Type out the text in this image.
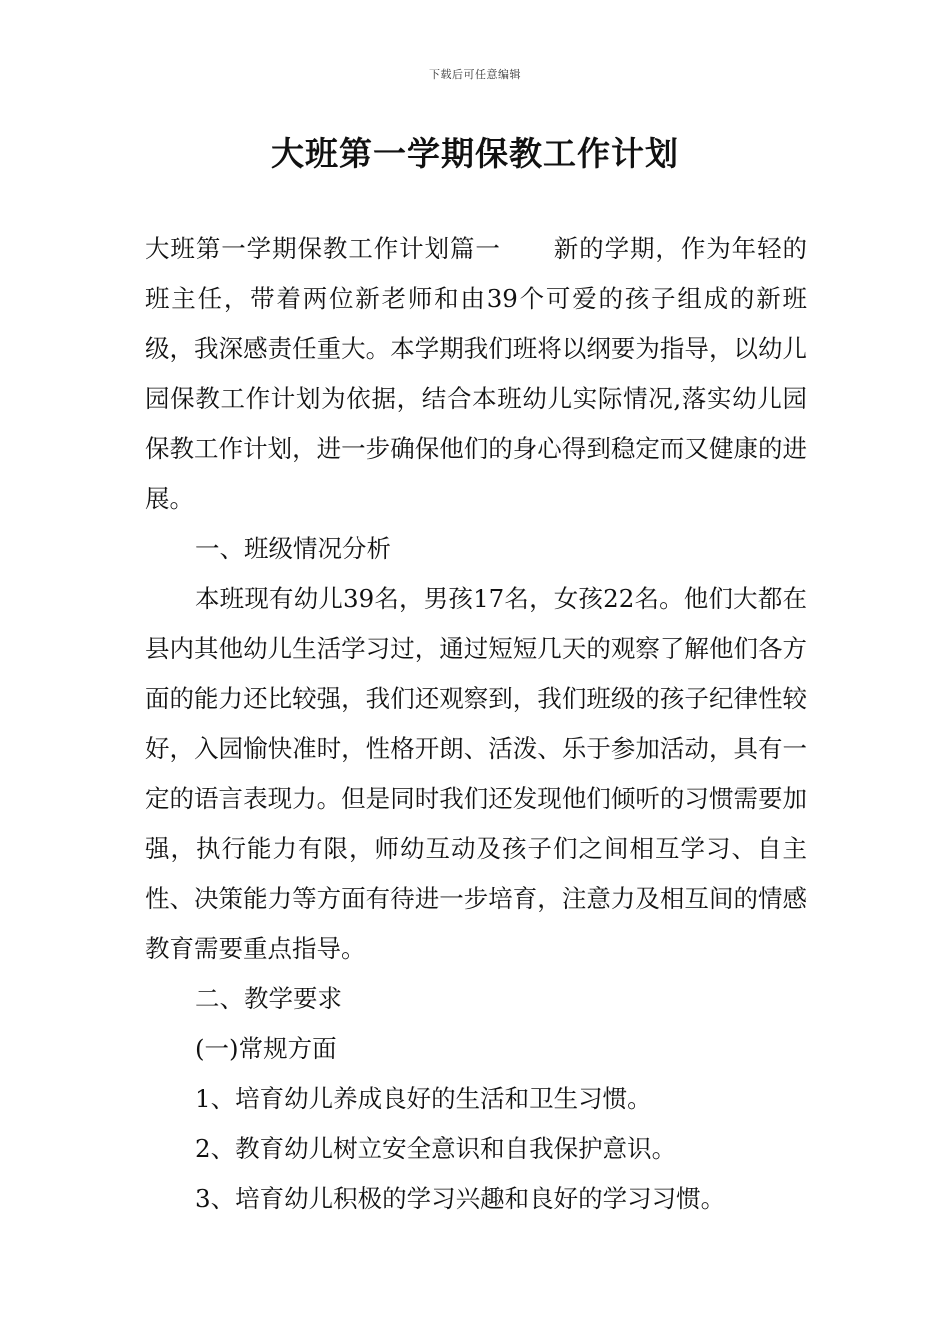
下载后可任意编辑
大班第一学期保教工作计划

大班第一学期保教工作计划篇一 新的学期，作为年轻的班主任，带着两位新老师和由39个可爱的孩子组成的新班级，我深感责任重大。本学期我们班将以纲要为指导，以幼儿园保教工作计划为依据，结合本班幼儿实际情况,落实幼儿园保教工作计划，进一步确保他们的身心得到稳定而又健康的进展。

一、班级情况分析

本班现有幼儿39名，男孩17名，女孩22名。他们大都在县内其他幼儿生活学习过，通过短短几天的观察了解他们各方面的能力还比较强，我们还观察到，我们班级的孩子纪律性较好，入园愉快准时，性格开朗、活泼、乐于参加活动，具有一定的语言表现力。但是同时我们还发现他们倾听的习惯需要加强，执行能力有限，师幼互动及孩子们之间相互学习、自主性、决策能力等方面有待进一步培育，注意力及相互间的情感教育需要重点指导。

二、教学要求

(一)常规方面

1、培育幼儿养成良好的生活和卫生习惯。

2、教育幼儿树立安全意识和自我保护意识。

3、培育幼儿积极的学习兴趣和良好的学习习惯。
